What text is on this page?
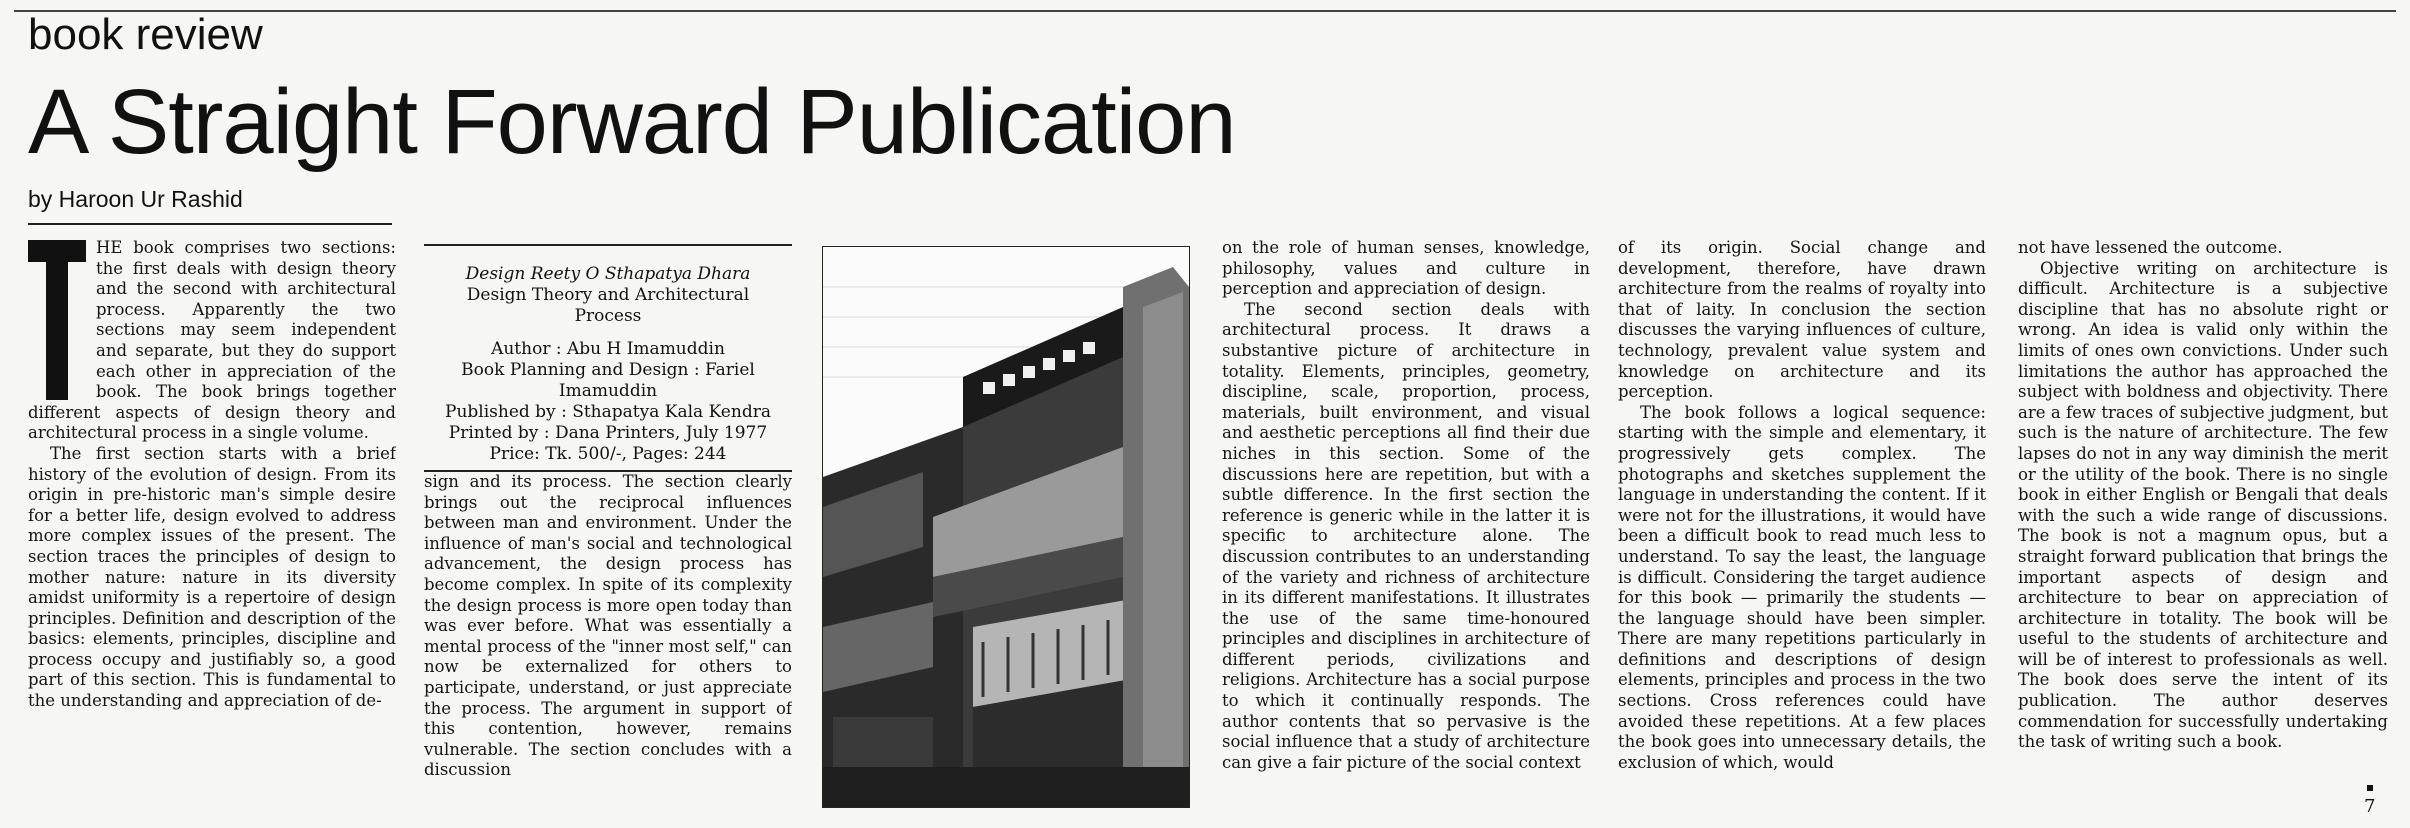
book review
A Straight Forward Publication
by Haroon Ur Rashid

HE book comprises two sections: the first deals with design theory and the second with architectural process. Apparently the two sections may seem independent and separate, but they do support each other in appreciation of the book. The book brings together different aspects of design theory and architectural process in a single volume.

The first section starts with a brief history of the evolution of design. From its origin in pre-historic man's simple desire for a better life, design evolved to address more complex issues of the present. The section traces the principles of design to mother nature: nature in its diversity amidst uniformity is a repertoire of design principles. Definition and description of the basics: elements, principles, discipline and process occupy and justifiably so, a good part of this section. This is fundamental to the understanding and appreciation of de-

Design Reety O Sthapatya Dhara
Design Theory and Architectural Process
Author : Abu H Imamuddin
Book Planning and Design : Fariel Imamuddin
Published by : Sthapatya Kala Kendra
Printed by : Dana Printers, July 1977
Price: Tk. 500/-, Pages: 244

sign and its process. The section clearly brings out the reciprocal influences between man and environment. Under the influence of man's social and technological advancement, the design process has become complex. In spite of its complexity the design process is more open today than was ever before. What was essentially a mental process of the "inner most self," can now be externalized for others to participate, understand, or just appreciate the process. The argument in support of this contention, however, remains vulnerable. The section concludes with a discussion

on the role of human senses, knowledge, philosophy, values and culture in perception and appreciation of design.

The second section deals with architectural process. It draws a substantive picture of architecture in totality. Elements, principles, geometry, discipline, scale, proportion, process, materials, built environment, and visual and aesthetic perceptions all find their due niches in this section. Some of the discussions here are repetition, but with a subtle difference. In the first section the reference is generic while in the latter it is specific to architecture alone. The discussion contributes to an understanding of the variety and richness of architecture in its different manifestations. It illustrates the use of the same time-honoured principles and disciplines in architecture of different periods, civilizations and religions. Architecture has a social purpose to which it continually responds. The author contents that so pervasive is the social influence that a study of architecture can give a fair picture of the social context

of its origin. Social change and development, therefore, have drawn architecture from the realms of royalty into that of laity. In conclusion the section discusses the varying influences of culture, technology, prevalent value system and knowledge on architecture and its perception.

The book follows a logical sequence: starting with the simple and elementary, it progressively gets complex. The photographs and sketches supplement the language in understanding the content. If it were not for the illustrations, it would have been a difficult book to read much less to understand. To say the least, the language is difficult. Considering the target audience for this book — primarily the students — the language should have been simpler. There are many repetitions particularly in definitions and descriptions of design elements, principles and process in the two sections. Cross references could have avoided these repetitions. At a few places the book goes into unnecessary details, the exclusion of which, would

not have lessened the outcome.

Objective writing on architecture is difficult. Architecture is a subjective discipline that has no absolute right or wrong. An idea is valid only within the limits of ones own convictions. Under such limitations the author has approached the subject with boldness and objectivity. There are a few traces of subjective judgment, but such is the nature of architecture. The few lapses do not in any way diminish the merit or the utility of the book. There is no single book in either English or Bengali that deals with the such a wide range of discussions. The book is not a magnum opus, but a straight forward publication that brings the important aspects of design and architecture to bear on appreciation of architecture in totality. The book will be useful to the students of architecture and will be of interest to professionals as well. The book does serve the intent of its publication. The author deserves commendation for successfully undertaking the task of writing such a book.

7
